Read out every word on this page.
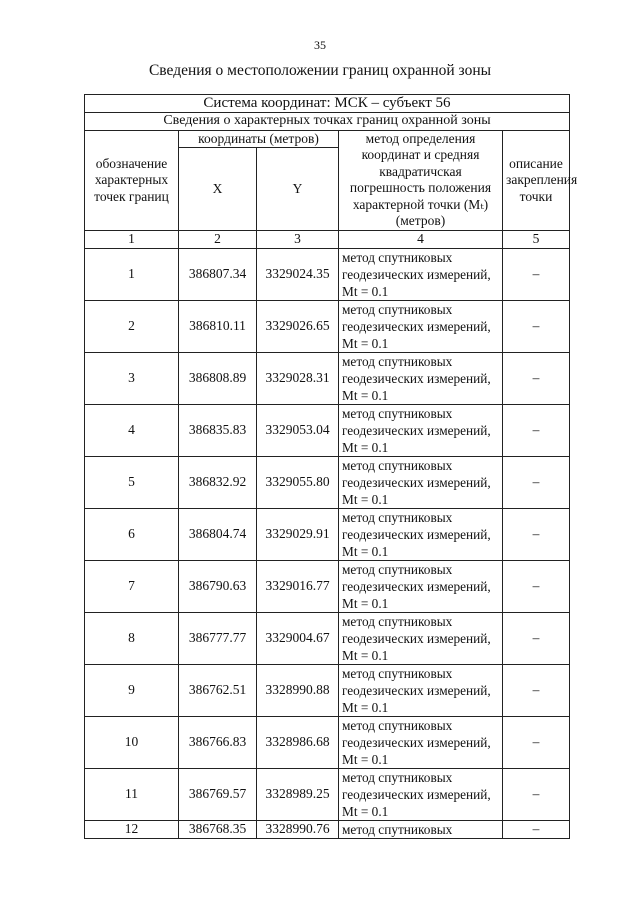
35
Сведения о местоположении границ охранной зоны
Система координат: МСК – субъект 56				
Сведения о характерных точках границ охранной зоны				
обозначение характерных точек границ	координаты (метров)		метод определения координат и средняя квадратичская погрешность положения характерной точки (Mₜ) (метров)	описание закрепления точки
	X	Y		
1	2	3	4	5
1	386807.34	3329024.35	метод спутниковых геодезических измерений, Mt = 0.1	–
2	386810.11	3329026.65	метод спутниковых геодезических измерений, Mt = 0.1	–
3	386808.89	3329028.31	метод спутниковых геодезических измерений, Mt = 0.1	–
4	386835.83	3329053.04	метод спутниковых геодезических измерений, Mt = 0.1	–
5	386832.92	3329055.80	метод спутниковых геодезических измерений, Mt = 0.1	–
6	386804.74	3329029.91	метод спутниковых геодезических измерений, Mt = 0.1	–
7	386790.63	3329016.77	метод спутниковых геодезических измерений, Mt = 0.1	–
8	386777.77	3329004.67	метод спутниковых геодезических измерений, Mt = 0.1	–
9	386762.51	3328990.88	метод спутниковых геодезических измерений, Mt = 0.1	–
10	386766.83	3328986.68	метод спутниковых геодезических измерений, Mt = 0.1	–
11	386769.57	3328989.25	метод спутниковых геодезических измерений, Mt = 0.1	–
12	386768.35	3328990.76	метод спутниковых	–
